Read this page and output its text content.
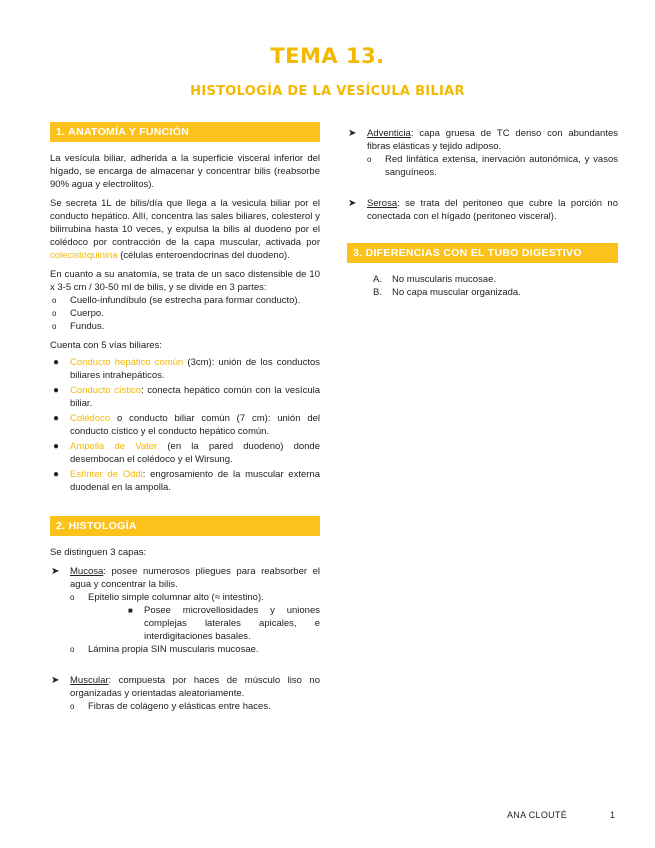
TEMA 13.
HISTOLOGÍA DE LA VESÍCULA BILIAR
1. ANATOMÍA Y FUNCIÓN

La vesícula biliar, adherida a la superficie visceral inferior del hígado, se encarga de almacenar y concentrar bilis (reabsorbe 90% agua y electrolitos).

Se secreta 1L de bilis/día que llega a la vesicula biliar por el conducto hepático. Allí, concentra las sales biliares, colesterol y bilirrubina hasta 10 veces, y expulsa la bilis al duodeno por el colédoco por contracción de la capa muscular, activada por colecistoquinina (células enteroendocrinas del duodeno).

En cuanto a su anatomía, se trata de un saco distensible de 10 x 3-5 cm / 30-50 ml de bilis, y se divide en 3 partes:

o Cuello-infundíbulo (se estrecha para formar conducto).
o Cuerpo.
o Fundus.

Cuenta con 5 vías biliares:

● Conducto hepático común (3cm): unión de los conductos biliares intrahepáticos.
● Conducto cístico: conecta hepático común con la vesícula biliar.
● Colédoco o conducto biliar común (7 cm): unión del conducto cístico y el conducto hepático común.
● Ampolla de Vater (en la pared duodeno) donde desembocan el colédoco y el Wirsung.
● Esfínter de Oddi: engrosamiento de la muscular externa duodenal en la ampolla.
2. HISTOLOGÍA

Se distinguen 3 capas:

➤ Mucosa: posee numerosos pliegues para reabsorber el agua y concentrar la bilis.
o Epitelio simple columnar alto (≈ intestino).
■ Posee microvellosidades y uniones complejas laterales apicales, e interdigitaciones basales.
o Lámina propia SIN muscularis mucosae.
➤ Muscular: compuesta por haces de músculo liso no organizadas y orientadas aleatoriamente.
o Fibras de colágeno y elásticas entre haces.
➤ Adventicia: capa gruesa de TC denso con abundantes fibras elásticas y tejido adiposo.
o Red linfática extensa, inervación autonómica, y vasos sanguíneos.
➤ Serosa: se trata del peritoneo que cubre la porción no conectada con el hígado (peritoneo visceral).
3. DIFERENCIAS CON EL TUBO DIGESTIVO
A. No muscularis mucosae.
B. No capa muscular organizada.
ANA CLOUTÉ	1
